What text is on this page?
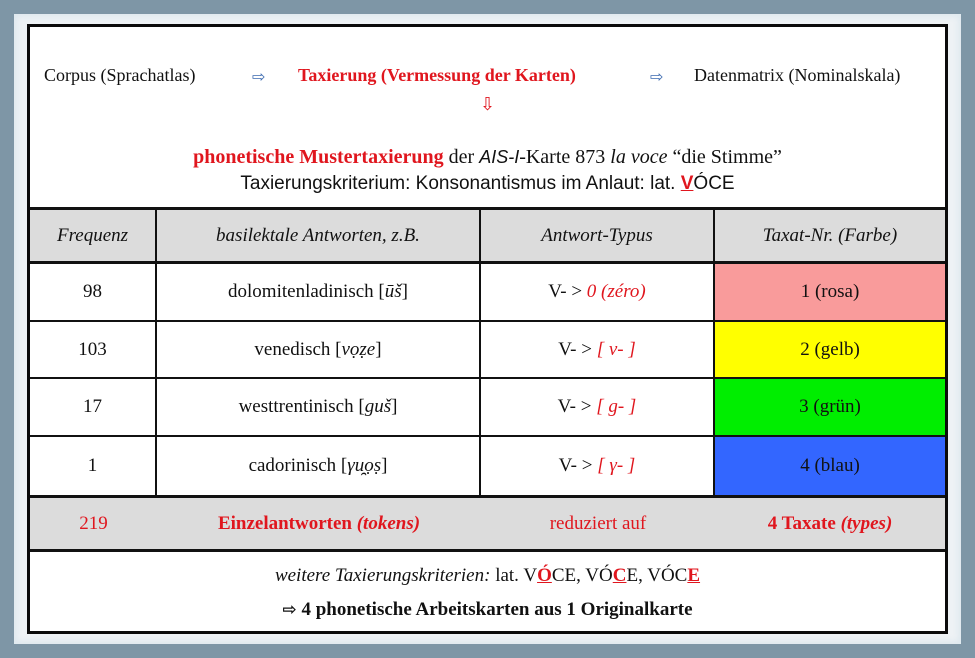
Corpus (Sprachatlas)	⇨ Taxierung (Vermessung der Karten)	⇨ Datenmatrix (Nominalskala)
⇩
phonetische Mustertaxierung der AIS-I-Karte 873 la voce “die Stimme”
Taxierungskriterium: Konsonantismus im Anlaut: lat. VÓCE
Frequenz	basilektale Antworten, z.B.	Antwort-Typus	Taxat-Nr. (Farbe)
98	dolomitenladinisch [ ūš ]	V- > 0 (zéro)	1 (rosa)
103	venedisch [ vọẓe ]	V- > [ v- ]	2 (gelb)
17	westtrentinisch [ guš ]	V- > [ g- ]	3 (grün)
1	cadorinisch [ γu̯ọṣ ]	V- > [ γ- ]	4 (blau)
219	Einzelantworten (tokens)	reduziert auf	4 Taxate (types)
weitere Taxierungskriterien: lat. VÓCE, VÓCE, VÓCE
⇨ 4 phonetische Arbeitskarten aus 1 Originalkarte
